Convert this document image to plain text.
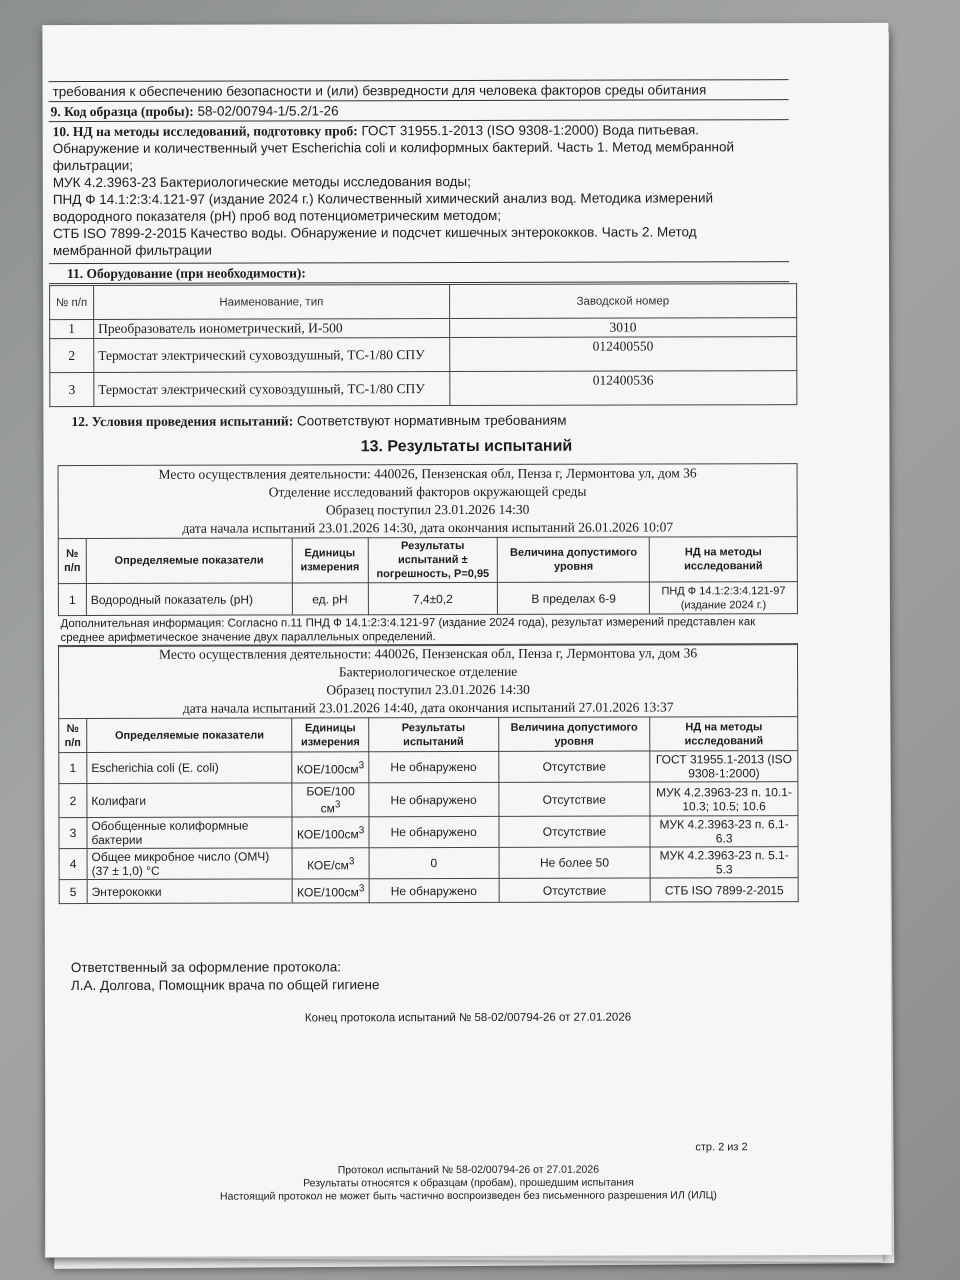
требования к обеспечению безопасности и (или) безвредности для человека факторов среды обитания
9. Код образца (пробы): 58-02/00794-1/5.2/1-26
10. НД на методы исследований, подготовку проб: ГОСТ 31955.1-2013 (ISO 9308-1:2000) Вода питьевая.
Обнаружение и количественный учет Escherichia coli и колиформных бактерий. Часть 1. Метод мембранной
фильтрации;
МУК 4.2.3963-23 Бактериологические методы исследования воды;
ПНД Ф 14.1:2:3:4.121-97 (издание 2024 г.) Количественный химический анализ вод. Методика измерений
водородного показателя (рН) проб вод потенциометрическим методом;
СТБ ISO 7899-2-2015 Качество воды. Обнаружение и подсчет кишечных энтерококков. Часть 2. Метод
мембранной фильтрации
11. Оборудование (при необходимости):
№ п/п	Наименование, тип	Заводской номер
1	Преобразователь иономeтрический, И-500	3010
2	Термостат электрический суховоздушный, ТС-1/80 СПУ	012400550
3	Термостат электрический суховоздушный, ТС-1/80 СПУ	012400536
12. Условия проведения испытаний: Соответствуют нормативным требованиям
13. Результаты испытаний
Место осуществления деятельности: 440026, Пензенская обл, Пенза г, Лермонтова ул, дом 36					
Отделение исследований факторов окружающей среды					
Образец поступил 23.01.2026 14:30					
дата начала испытаний 23.01.2026 14:30, дата окончания испытаний 26.01.2026 10:07					
№ п/п	Определяемые показатели	Единицы измерения	Результаты испытаний ± погрешность, Р=0,95	Величина допустимого уровня	НД на методы исследований
1	Водородный показатель (рН)	ед. рН	7,4±0,2	В пределах 6-9	ПНД Ф 14.1:2:3:4.121-97 (издание 2024 г.)
Дополнительная информация: Согласно п.11 ПНД Ф 14.1:2:3:4.121-97 (издание 2024 года), результат измерений представлен как среднее арифметическое значение двух параллельных определений.					
Место осуществления деятельности: 440026, Пензенская обл, Пенза г, Лермонтова ул, дом 36					
Бактериологическое отделение					
Образец поступил 23.01.2026 14:30					
дата начала испытаний 23.01.2026 14:40, дата окончания испытаний 27.01.2026 13:37					
№ п/п	Определяемые показатели	Единицы измерения	Результаты испытаний	Величина допустимого уровня	НД на методы исследований
1	Escherichia coli (E. coli)	КОЕ/$100см^3$	Не обнаружено	Отсутствие	ГОСТ 31955.1-2013 (ISO 9308-1:2000)
2	Колифаги	БОЕ/100 $см^3$	Не обнаружено	Отсутствие	МУК 4.2.3963-23 п. 10.1-10.3; 10.5; 10.6
3	Обобщенные колиформные бактерии	КОЕ/$100см^3$	Не обнаружено	Отсутствие	МУК 4.2.3963-23 п. 6.1-6.3
4	Общее микробное число (ОМЧ) (37 ± 1,0) °С	КОЕ/$см^3$	0	Не более 50	МУК 4.2.3963-23 п. 5.1-5.3
5	Энтерококки	КОЕ/$100см^3$	Не обнаружено	Отсутствие	СТБ ISO 7899-2-2015
Ответственный за оформление протокола:
Л.А. Долгова, Помощник врача по общей гигиене
Конец протокола испытаний № 58-02/00794-26 от 27.01.2026
стр. 2 из 2
Протокол испытаний № 58-02/00794-26 от 27.01.2026
Результаты относятся к образцам (пробам), прошедшим испытания
Настоящий протокол не может быть частично воспроизведен без письменного разрешения ИЛ (ИЛЦ)
